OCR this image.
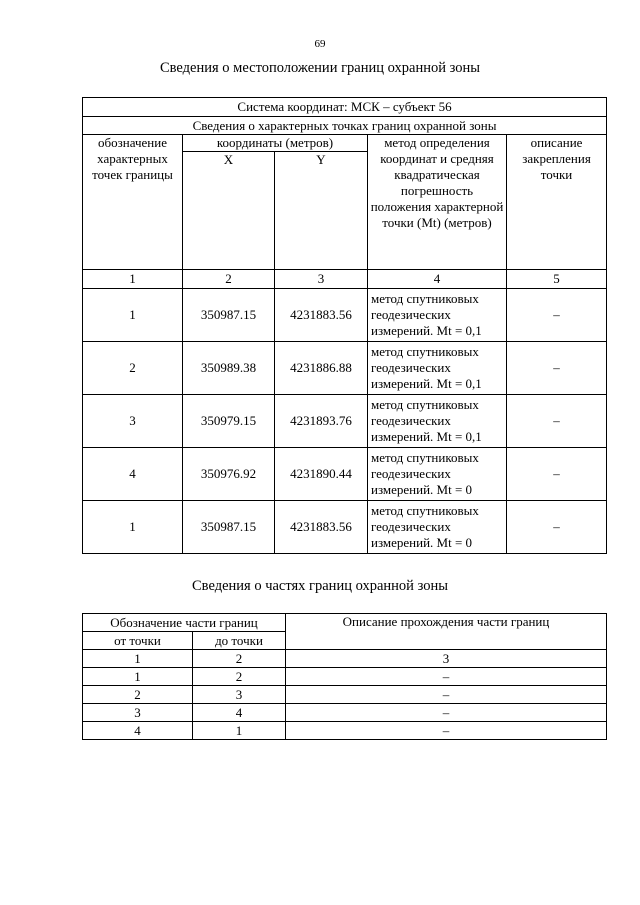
69
Сведения о местоположении границ охранной зоны
Система координат: МСК – субъект 56				
Сведения о характерных точках границ охранной зоны				
обозначение характерных точек границы	координаты (метров)		метод определения координат и средняя квадратическая погрешность положения характерной точки (Mt) (метров)	описание закрепления точки
	X	Y		
1	2	3	4	5
1	350987.15	4231883.56	метод спутниковых геодезических измерений. Mt = 0,1	–
2	350989.38	4231886.88	метод спутниковых геодезических измерений. Mt = 0,1	–
3	350979.15	4231893.76	метод спутниковых геодезических измерений. Mt = 0,1	–
4	350976.92	4231890.44	метод спутниковых геодезических измерений. Mt = 0	–
1	350987.15	4231883.56	метод спутниковых геодезических измерений. Mt = 0	–
Сведения о частях границ охранной зоны
Обозначение части границ		Описание прохождения части границ
от точки	до точки	
1	2	3
1	2	–
2	3	–
3	4	–
4	1	–
